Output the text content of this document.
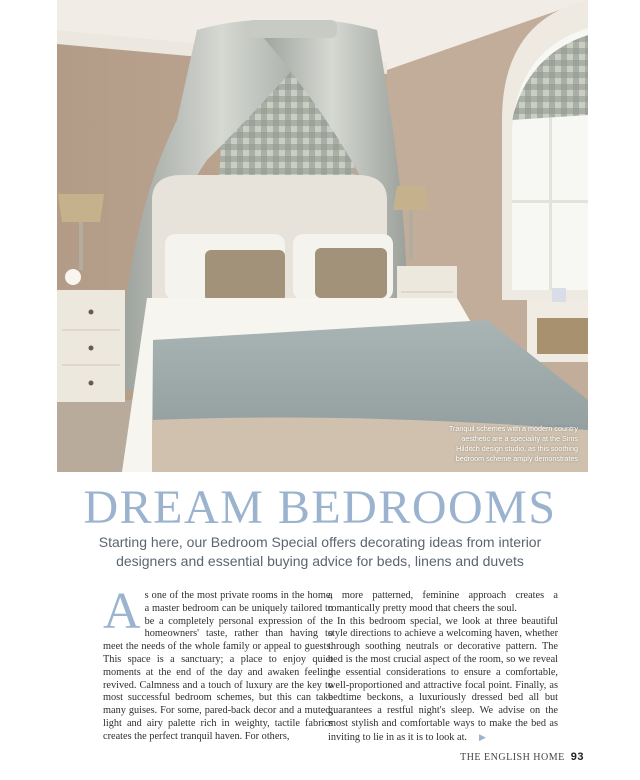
Tranquil schemes with a modern country aesthetic are a speciality at the Sims Hilditch design studio, as this soothing bedroom scheme amply demonstrates
DREAM BEDROOMS

Starting here, our Bedroom Special offers decorating ideas from interior designers and essential buying advice for beds, linens and duvets

As one of the most private rooms in the home, a master bedroom can be uniquely tailored to be a completely personal expression of the homeowners' taste, rather than having to meet the needs of the whole family or appeal to guests. This space is a sanctuary; a place to enjoy quiet moments at the end of the day and awaken feeling revived. Calmness and a touch of luxury are the key to most successful bedroom schemes, but this can take many guises. For some, pared-back decor and a muted, light and airy palette rich in weighty, tactile fabrics creates the perfect tranquil haven. For others,

a more patterned, feminine approach creates a romantically pretty mood that cheers the soul.

In this bedroom special, we look at three beautiful style directions to achieve a welcoming haven, whether through soothing neutrals or decorative pattern. The bed is the most crucial aspect of the room, so we reveal the essential considerations to ensure a comfortable, well-proportioned and attractive focal point. Finally, as bedtime beckons, a luxuriously dressed bed all but guarantees a restful night's sleep. We advise on the most stylish and comfortable ways to make the bed as inviting to lie in as it is to look at. ▶

THE ENGLISH HOME 93
